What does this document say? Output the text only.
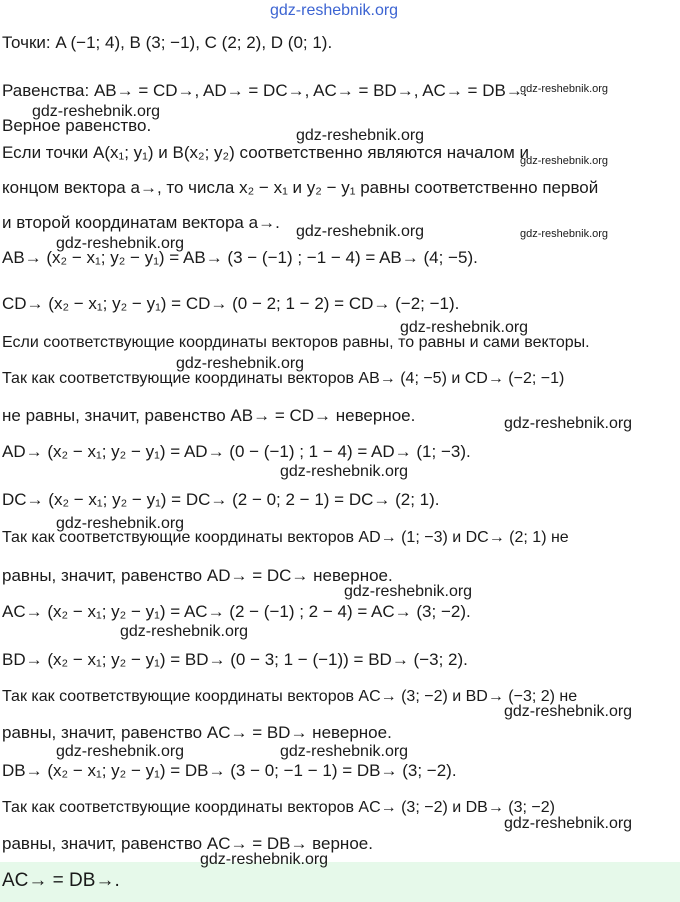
Точки: A (−1; 4), B (3; −1), C (2; 2), D (0; 1).
Равенства: AB→ = CD→, AD→ = DC→, AC→ = BD→, AC→ = DB→.
Верное равенство.
Если точки A(x₁; y₁) и B(x₂; y₂) соответственно являются началом и
концом вектора a→, то числа x₂ − x₁ и y₂ − y₁ равны соответственно первой
и второй координатам вектора a→.
AB→ (x₂ − x₁; y₂ − y₁) = AB→ (3 − (−1) ; −1 − 4) = AB→ (4; −5).
CD→ (x₂ − x₁; y₂ − y₁) = CD→ (0 − 2; 1 − 2) = CD→ (−2; −1).
Если соответствующие координаты векторов равны, то равны и сами векторы.
Так как соответствующие координаты векторов AB→ (4; −5) и CD→ (−2; −1)
не равны, значит, равенство AB→ = CD→ неверное.
AD→ (x₂ − x₁; y₂ − y₁) = AD→ (0 − (−1) ; 1 − 4) = AD→ (1; −3).
DC→ (x₂ − x₁; y₂ − y₁) = DC→ (2 − 0; 2 − 1) = DC→ (2; 1).
Так как соответствующие координаты векторов AD→ (1; −3) и DC→ (2; 1) не
равны, значит, равенство AD→ = DC→ неверное.
AC→ (x₂ − x₁; y₂ − y₁) = AC→ (2 − (−1) ; 2 − 4) = AC→ (3; −2).
BD→ (x₂ − x₁; y₂ − y₁) = BD→ (0 − 3; 1 − (−1)) = BD→ (−3; 2).
Так как соответствующие координаты векторов AC→ (3; −2) и BD→ (−3; 2) не
равны, значит, равенство AC→ = BD→ неверное.
DB→ (x₂ − x₁; y₂ − y₁) = DB→ (3 − 0; −1 − 1) = DB→ (3; −2).
Так как соответствующие координаты векторов AC→ (3; −2) и DB→ (3; −2)
равны, значит, равенство AC→ = DB→ верное.
AC→ = DB→.
gdz-reshebnik.org
gdz-reshebnik.org
gdz-reshebnik.org
gdz-reshebnik.org
gdz-reshebnik.org
gdz-reshebnik.org	gdz-reshebnik.org
gdz-reshebnik.org
gdz-reshebnik.org
gdz-reshebnik.org
gdz-reshebnik.org
gdz-reshebnik.org
gdz-reshebnik.org
gdz-reshebnik.org
gdz-reshebnik.org
gdz-reshebnik.org
gdz-reshebnik.org	gdz-reshebnik.org
gdz-reshebnik.org
gdz-reshebnik.org
